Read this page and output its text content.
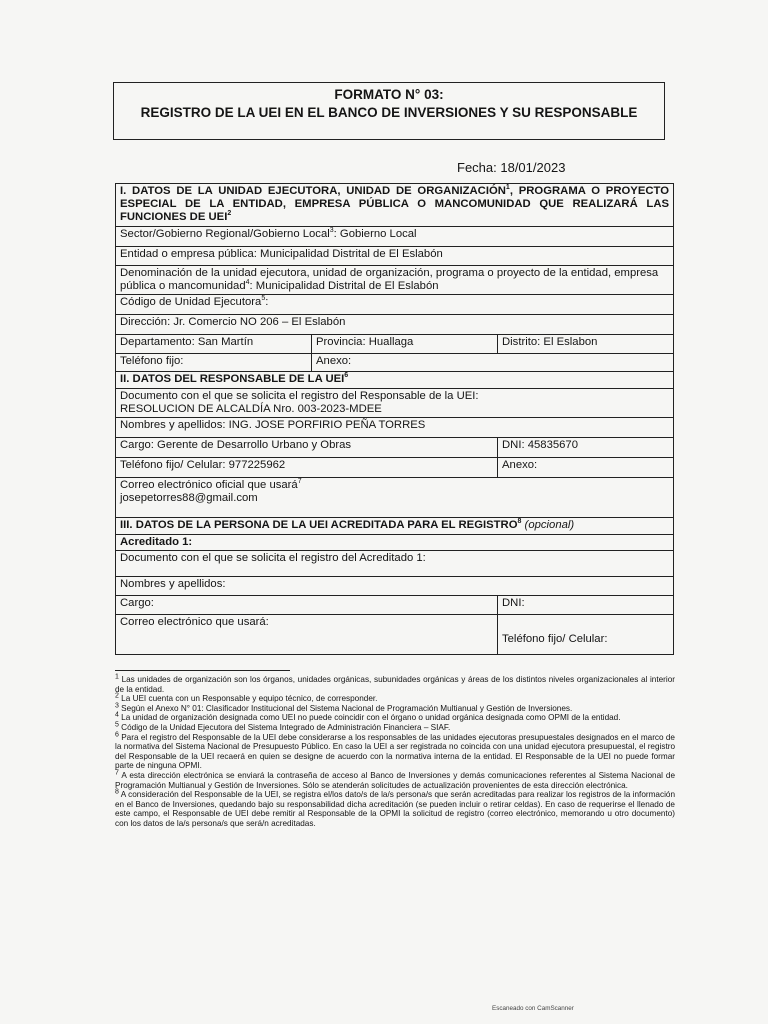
FORMATO N° 03:
REGISTRO DE LA UEI EN EL BANCO DE INVERSIONES Y SU RESPONSABLE
Fecha: 18/01/2023
I. DATOS DE LA UNIDAD EJECUTORA, UNIDAD DE ORGANIZACIÓN$^1$, PROGRAMA O PROYECTO ESPECIAL DE LA ENTIDAD, EMPRESA PÚBLICA O MANCOMUNIDAD QUE REALIZARÁ LAS FUNCIONES DE UEI$^2$
Sector/Gobierno Regional/Gobierno Local$^3$: Gobierno Local		
Entidad o empresa pública: Municipalidad Distrital de El Eslabón		
Denominación de la unidad ejecutora, unidad de organización, programa o proyecto de la entidad, empresa pública o mancomunidad$^4$: Municipalidad Distrital de El Eslabón		
Código de Unidad Ejecutora$^5$:		
Dirección: Jr. Comercio NO 206 – El Eslabón		
Departamento: San Martín	Provincia: Huallaga	Distrito: El Eslabon
Teléfono fijo:	Anexo:	
II. DATOS DEL RESPONSABLE DE LA UEI$^6$

Documento con el que se solicita el registro del Responsable de la UEI:
RESOLUCION DE ALCALDÍA Nro. 003-2023-MDEE		

Nombres y apellidos: ING. JOSE PORFIRIO PEÑA TORRES		
Cargo: Gerente de Desarrollo Urbano y Obras		DNI: 45835670
Teléfono fijo/ Celular: 977225962		Anexo:

Correo electrónico oficial que usará$^7$
josepetorres88@gmail.com		

III. DATOS DE LA PERSONA DE LA UEI ACREDITADA PARA EL REGISTRO$^8$ (opcional)		
Acreditado 1:		
Documento con el que se solicita el registro del Acreditado 1:		
Nombres y apellidos:		
Cargo:		DNI:
Correo electrónico que usará:		Teléfono fijo/ Celular:

$^1$ Las unidades de organización son los órganos, unidades orgánicas, subunidades orgánicas y áreas de los distintos niveles organizacionales al interior de la entidad.

$^2$ La UEI cuenta con un Responsable y equipo técnico, de corresponder.

$^3$ Según el Anexo N° 01: Clasificador Institucional del Sistema Nacional de Programación Multianual y Gestión de Inversiones.

$^4$ La unidad de organización designada como UEI no puede coincidir con el órgano o unidad orgánica designada como OPMI de la entidad.

$^5$ Código de la Unidad Ejecutora del Sistema Integrado de Administración Financiera – SIAF.

$^6$ Para el registro del Responsable de la UEI debe considerarse a los responsables de las unidades ejecutoras presupuestales designados en el marco de la normativa del Sistema Nacional de Presupuesto Público. En caso la UEI a ser registrada no coincida con una unidad ejecutora presupuestal, el registro del Responsable de la UEI recaerá en quien se designe de acuerdo con la normativa interna de la entidad. El Responsable de la UEI no puede formar parte de ninguna OPMI.

$^7$ A esta dirección electrónica se enviará la contraseña de acceso al Banco de Inversiones y demás comunicaciones referentes al Sistema Nacional de Programación Multianual y Gestión de Inversiones. Sólo se atenderán solicitudes de actualización provenientes de esta dirección electrónica.

$^8$ A consideración del Responsable de la UEI, se registra el/los dato/s de la/s persona/s que serán acreditadas para realizar los registros de la información en el Banco de Inversiones, quedando bajo su responsabilidad dicha acreditación (se pueden incluir o retirar celdas). En caso de requerirse el llenado de este campo, el Responsable de UEI debe remitir al Responsable de la OPMI la solicitud de registro (correo electrónico, memorando u otro documento) con los datos de la/s persona/s que será/n acreditadas.

Escaneado con CamScanner
